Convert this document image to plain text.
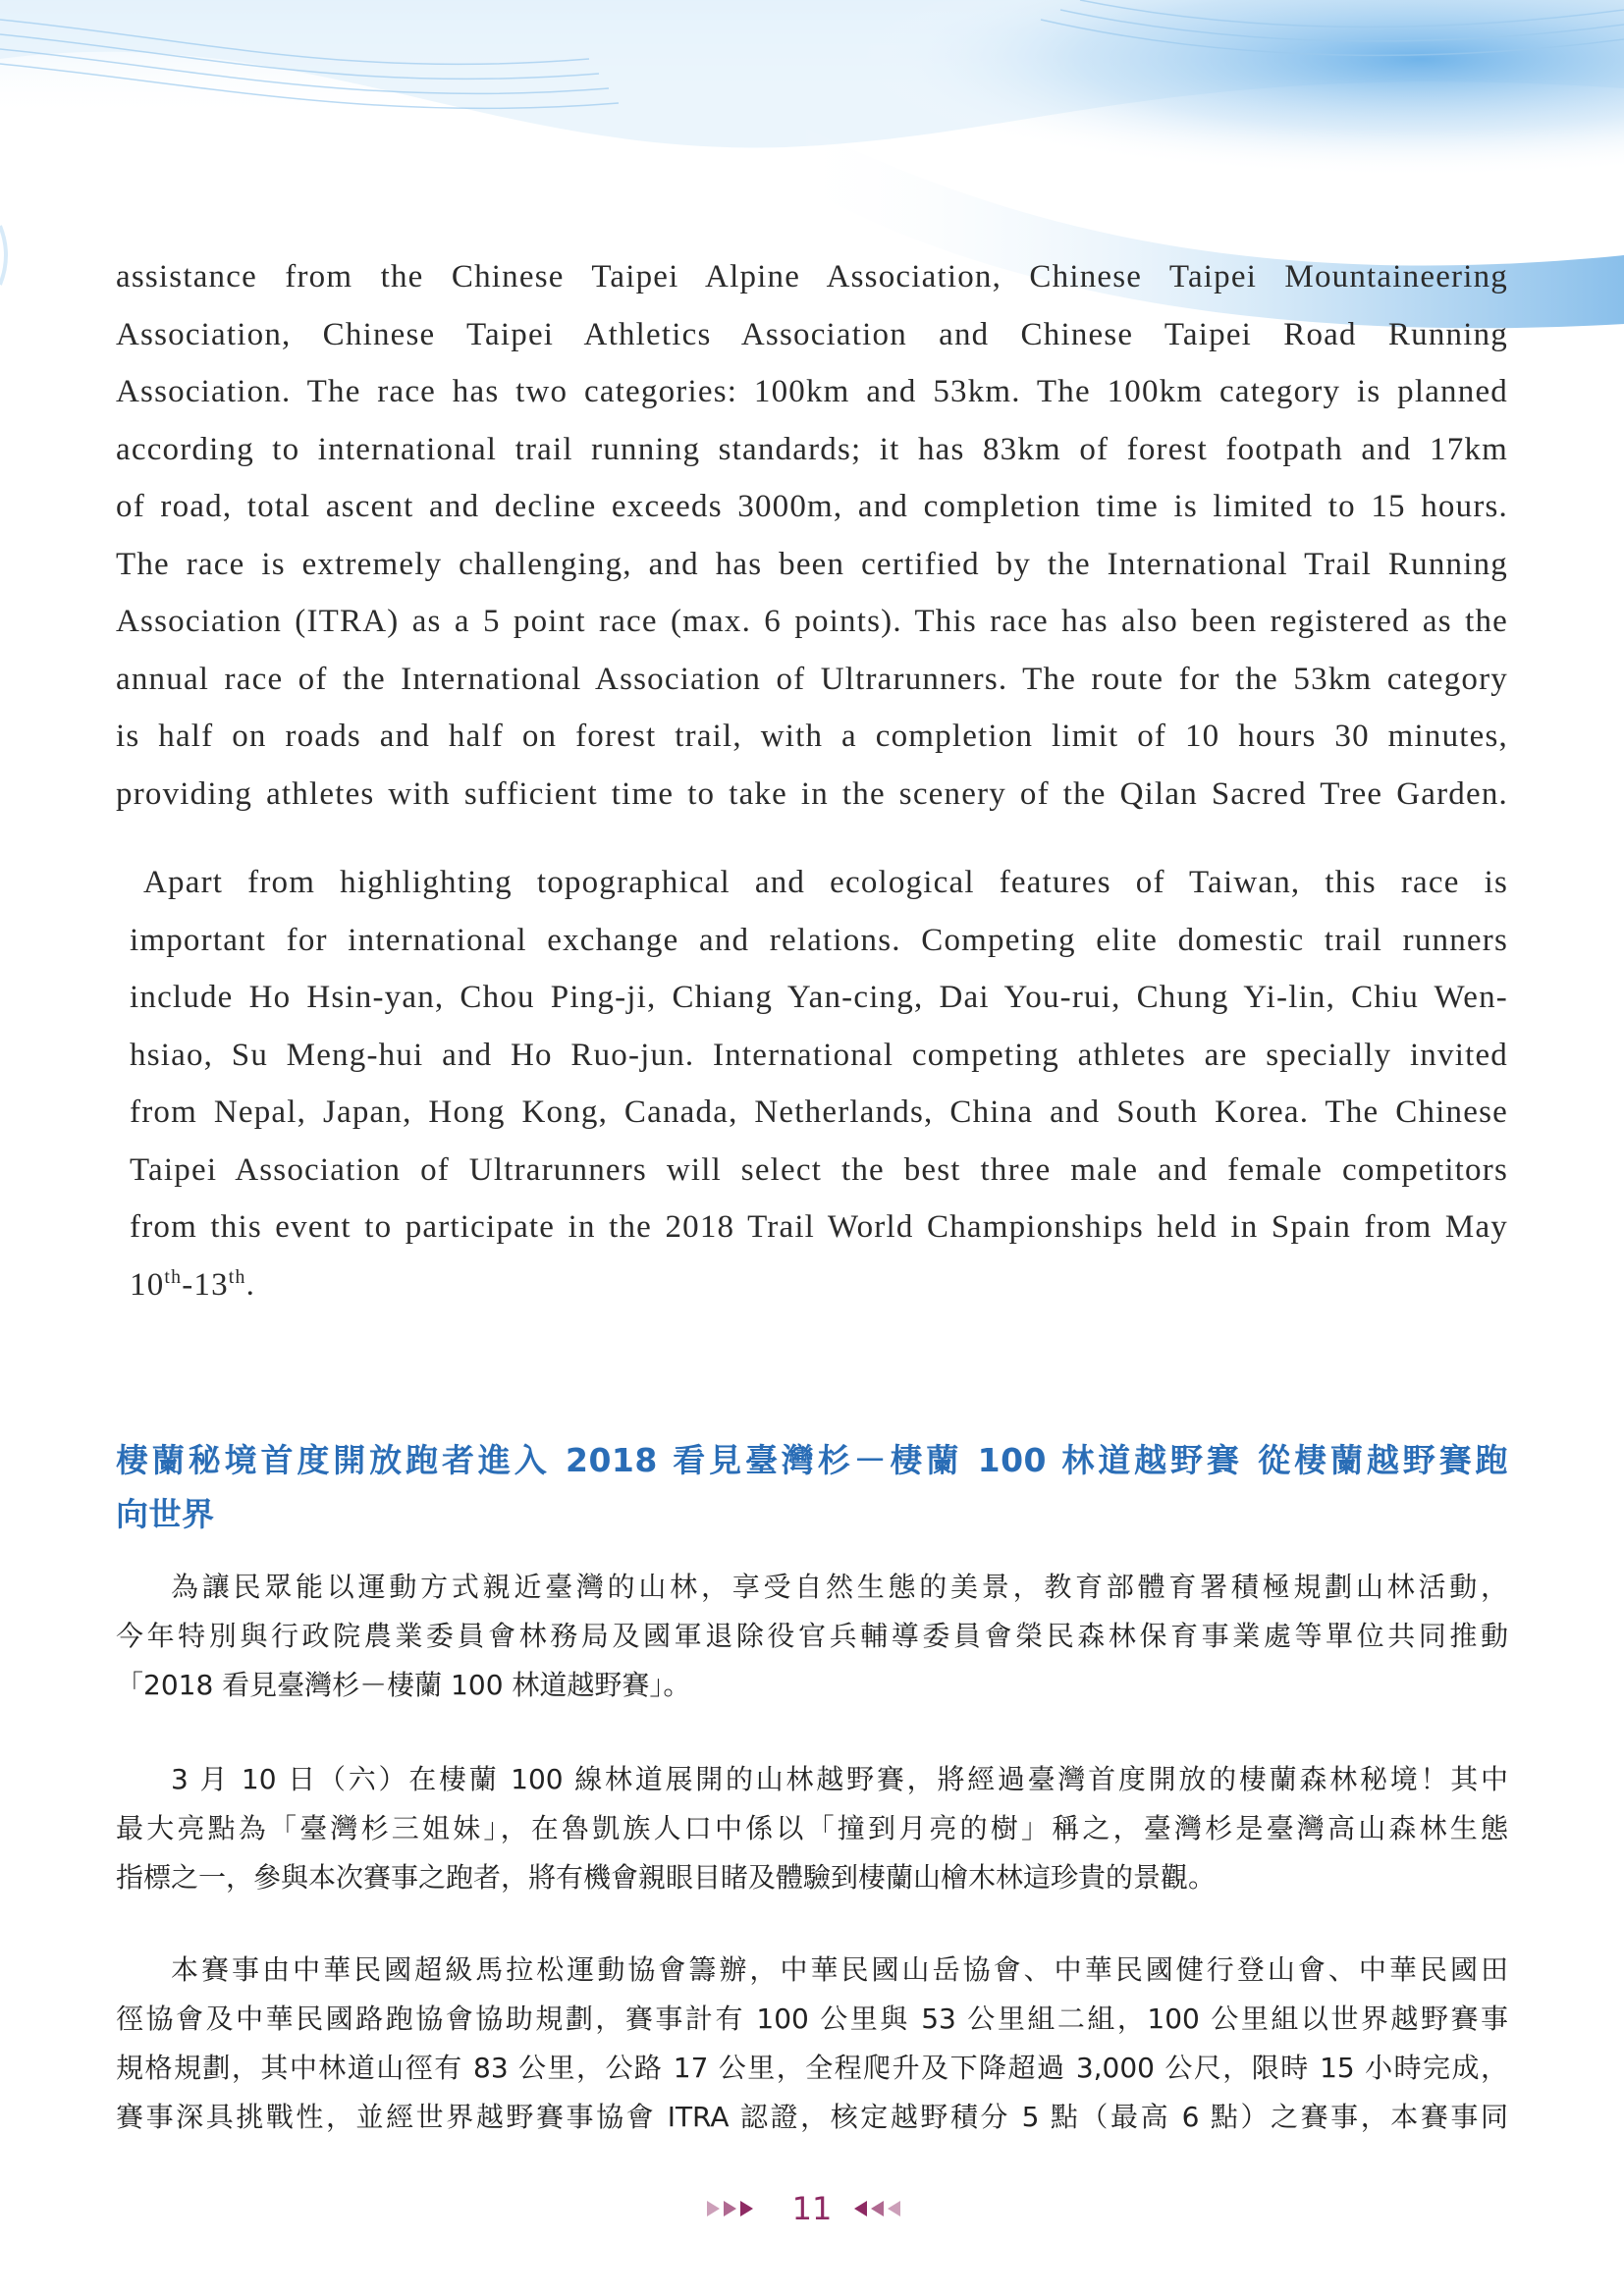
assistance from the Chinese Taipei Alpine Association, Chinese Taipei Mountaineering
Association, Chinese Taipei Athletics Association and Chinese Taipei Road Running
Association. The race has two categories: 100km and 53km. The 100km category is planned
according to international trail running standards; it has 83km of forest footpath and 17km
of road, total ascent and decline exceeds 3000m, and completion time is limited to 15 hours.
The race is extremely challenging, and has been certified by the International Trail Running
Association (ITRA) as a 5 point race (max. 6 points). This race has also been registered as the
annual race of the International Association of Ultrarunners. The route for the 53km category
is half on roads and half on forest trail, with a completion limit of 10 hours 30 minutes,
providing athletes with sufficient time to take in the scenery of the Qilan Sacred Tree Garden.
Apart from highlighting topographical and ecological features of Taiwan, this race is
important for international exchange and relations. Competing elite domestic trail runners
include Ho Hsin-yan, Chou Ping-ji, Chiang Yan-cing, Dai You-rui, Chung Yi-lin, Chiu Wen-
hsiao, Su Meng-hui and Ho Ruo-jun. International competing athletes are specially invited
from Nepal, Japan, Hong Kong, Canada, Netherlands, China and South Korea. The Chinese
Taipei Association of Ultrarunners will select the best three male and female competitors
from this event to participate in the 2018 Trail World Championships held in Spain from May
10th-13th.
棲蘭秘境首度開放跑者進入 2018 看見臺灣杉－棲蘭 100 林道越野賽 從棲蘭越野賽跑
向世界
為讓民眾能以運動方式親近臺灣的山林，享受自然生態的美景，教育部體育署積極規劃山林活動，
今年特別與行政院農業委員會林務局及國軍退除役官兵輔導委員會榮民森林保育事業處等單位共同推動
「2018 看見臺灣杉－棲蘭 100 林道越野賽」。
3 月 10 日（六）在棲蘭 100 線林道展開的山林越野賽，將經過臺灣首度開放的棲蘭森林秘境！其中
最大亮點為「臺灣杉三姐妹」，在魯凱族人口中係以「撞到月亮的樹」稱之，臺灣杉是臺灣高山森林生態
指標之一，參與本次賽事之跑者，將有機會親眼目睹及體驗到棲蘭山檜木林這珍貴的景觀。
本賽事由中華民國超級馬拉松運動協會籌辦，中華民國山岳協會、中華民國健行登山會、中華民國田
徑協會及中華民國路跑協會協助規劃，賽事計有 100 公里與 53 公里組二組，100 公里組以世界越野賽事
規格規劃，其中林道山徑有 83 公里，公路 17 公里，全程爬升及下降超過 3,000 公尺，限時 15 小時完成，
賽事深具挑戰性，並經世界越野賽事協會 ITRA 認證，核定越野積分 5 點（最高 6 點）之賽事，本賽事同
11
